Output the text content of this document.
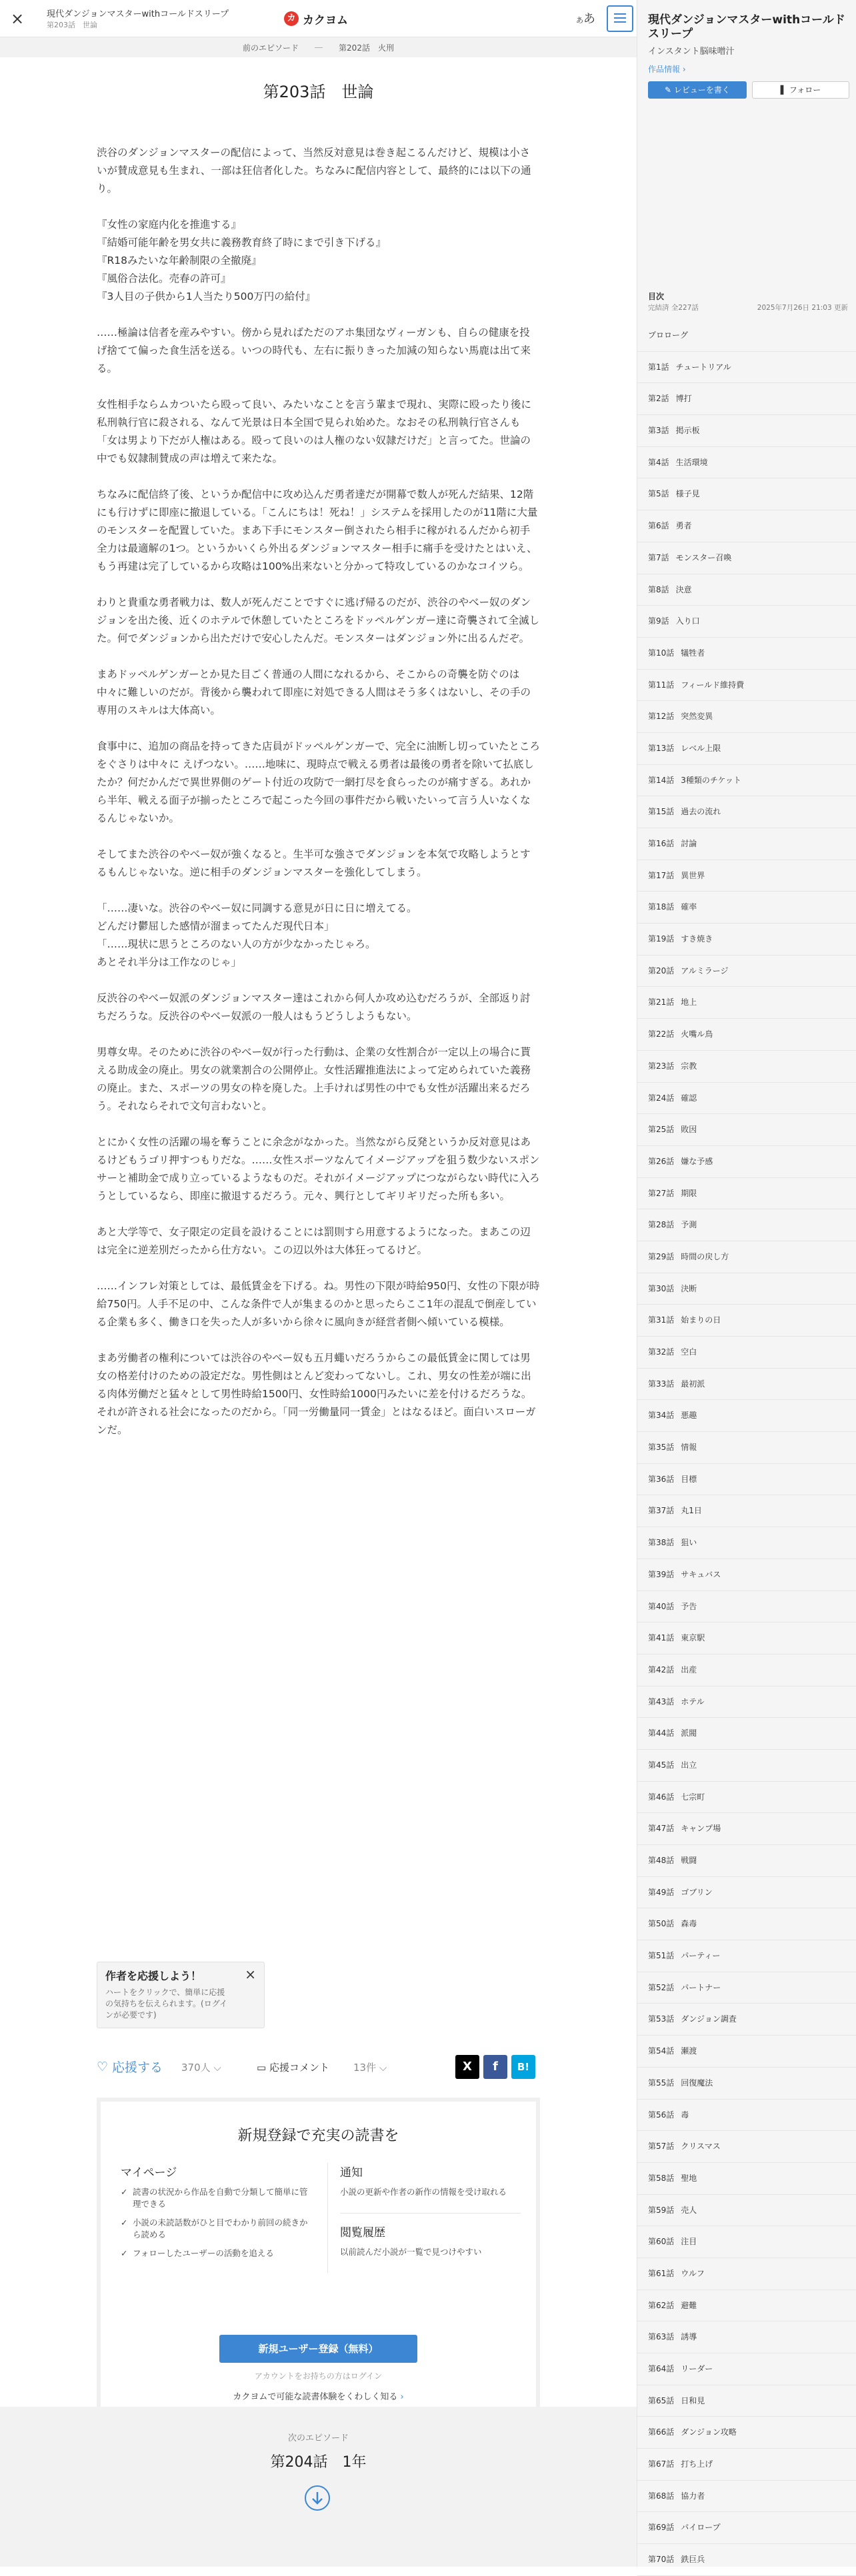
×	現代ダンジョンマスターwithコールドスリープ
第203話　世論
カ カクヨム	ああ
前のエピソード ― 第202話　火刑
第203話　世論

渋谷のダンジョンマスターの配信によって、当然反対意見は巻き起こるんだけど、規模は小さいが賛成意見も生まれ、一部は狂信者化した。ちなみに配信内容として、最終的には以下の通り。

『女性の家庭内化を推進する』
『結婚可能年齢を男女共に義務教育終了時にまで引き下げる』
『R18みたいな年齢制限の全撤廃』
『風俗合法化。売春の許可』
『3人目の子供から1人当たり500万円の給付』

……極論は信者を産みやすい。傍から見ればただのアホ集団なヴィーガンも、自らの健康を投げ捨てて偏った食生活を送る。いつの時代も、左右に振りきった加減の知らない馬鹿は出て来る。

女性相手ならムカついたら殴って良い、みたいなことを言う輩まで現れ、実際に殴ったり後に私刑執行官に殺される、なんて光景は日本全国で見られ始めた。なおその私刑執行官さんも「女は男より下だが人権はある。殴って良いのは人権のない奴隷だけだ」と言ってた。世論の中でも奴隷制賛成の声は増えて来たな。

ちなみに配信終了後、というか配信中に攻め込んだ勇者達だが開幕で数人が死んだ結果、12階にも行けずに即座に撤退している。「こんにちは！死ね！」システムを採用したのが11階に大量のモンスターを配置していた。まあ下手にモンスター倒されたら相手に稼がれるんだから初手全力は最適解の1つ。というかいくら外出るダンジョンマスター相手に痛手を受けたとはいえ、もう再建は完了しているから攻略は100%出来ないと分かって特攻しているのかなコイツら。

わりと貴重な勇者戦力は、数人が死んだことですぐに逃げ帰るのだが、渋谷のやべー奴のダンジョンを出た後、近くのホテルで休憩していたところをドッペルゲンガー達に奇襲されて全滅した。何でダンジョンから出ただけで安心したんだ。モンスターはダンジョン外に出るんだぞ。

まあドッペルゲンガーとか見た目ごく普通の人間になれるから、そこからの奇襲を防ぐのは中々に難しいのだが。背後から襲われて即座に対処できる人間はそう多くはないし、その手の専用のスキルは大体高い。

食事中に、追加の商品を持ってきた店員がドッペルゲンガーで、完全に油断し切っていたところをぐさりは中々に えげつない。……地味に、現時点で戦える勇者は最後の勇者を除いて払底したか？何だかんだで異世界側のゲート付近の攻防で一網打尽を食らったのが痛すぎる。あれから半年、戦える面子が揃ったところで起こった今回の事件だから戦いたいって言う人いなくなるんじゃないか。

そしてまた渋谷のやべー奴が強くなると。生半可な強さでダンジョンを本気で攻略しようとするもんじゃないな。逆に相手のダンジョンマスターを強化してしまう。

「……凄いな。渋谷のやべー奴に同調する意見が日に日に増えてる。
どんだけ鬱屈した感情が溜まってたんだ現代日本」
「……現状に思うところのない人の方が少なかったじゃろ。
あとそれ半分は工作なのじゃ」

反渋谷のやべー奴派のダンジョンマスター達はこれから何人か攻め込むだろうが、全部返り討ちだろうな。反渋谷のやべー奴派の一般人はもうどうしようもない。

男尊女卑。そのために渋谷のやべー奴が行った行動は、企業の女性割合が一定以上の場合に貰える助成金の廃止。男女の就業割合の公開停止。女性活躍推進法によって定められていた義務の廃止。また、スポーツの男女の枠を廃した。上手ければ男性の中でも女性が活躍出来るだろう。それならそれで文句言わないと。

とにかく女性の活躍の場を奪うことに余念がなかった。当然ながら反発というか反対意見はあるけどもうゴリ押すつもりだな。……女性スポーツなんてイメージアップを狙う数少ないスポンサーと補助金で成り立っているようなものだ。それがイメージアップにつながらない時代に入ろうとしているなら、即座に撤退するだろう。元々、興行としてギリギリだった所も多い。

あと大学等で、女子限定の定員を設けることには罰則すら用意するようになった。まあこの辺は完全に逆差別だったから仕方ない。この辺以外は大体狂ってるけど。

……インフレ対策としては、最低賃金を下げる。ね。男性の下限が時給950円、女性の下限が時給750円。人手不足の中、こんな条件で人が集まるのかと思ったらここ1年の混乱で倒産している企業も多く、働き口を失った人が多いから徐々に風向きが経営者側へ傾いている模様。

まあ労働者の権利については渋谷のやべー奴も五月蠅いだろうからこの最低賃金に関しては男女の格差付けのための設定だな。男性側はとんど変わってないし。これ、男女の性差が端に出る肉体労働だと猛々として男性時給1500円、女性時給1000円みたいに差を付けるだろうな。それが許される社会になったのだから。「同一労働量同一賃金」とはなるほど。面白いスローガンだ。

作者を応援しよう！
ハートをクリックで、簡単に応援の気持ちを伝えられます。(ログインが必要です)
×
♡ 応援する 370人 ⌵	▭ 応援コメント 13件 ⌵	X	f	B!
新規登録で充実の読書を
マイページ
✓ 読書の状況から作品を自動で分類して簡単に管理できる
✓ 小説の未読話数がひと目でわかり前回の続きから読める
✓ フォローしたユーザーの活動を追える
通知
小説の更新や作者の新作の情報を受け取れる
閲覧履歴
以前読んだ小説が一覧で見つけやすい
新規ユーザー登録（無料）
アカウントをお持ちの方はログイン
カクヨムで可能な読書体験をくわしく知る ›
次のエピソード
第204話　1年
現代ダンジョンマスターwithコールドスリープ
インスタント脳味噌汁
作品情報 ›
✎ レビューを書く	▌ フォロー
目次
完結済 全227話	2025年7月26日 21:03 更新
プロローグ
第1話 チュートリアル
第2話 博打
第3話 掲示板
第4話 生活環境
第5話 様子見
第6話 勇者
第7話 モンスター召喚
第8話 決意
第9話 入り口
第10話 犠牲者
第11話 フィールド維持費
第12話 突然変異
第13話 レベル上限
第14話 3種類のチケット
第15話 過去の流れ
第16話 討論
第17話 異世界
第18話 確率
第19話 すき焼き
第20話 アルミラージ
第21話 地上
第22話 火嘴ル鳥
第23話 宗教
第24話 確認
第25話 敗因
第26話 嫌な予感
第27話 期限
第28話 予測
第29話 時間の戻し方
第30話 決断
第31話 始まりの日
第32話 空白
第33話 最初派
第34話 悪趣
第35話 情報
第36話 目標
第37話 丸1日
第38話 狙い
第39話 サキュバス
第40話 予告
第41話 東京駅
第42話 出産
第43話 ホテル
第44話 派閥
第45話 出立
第46話 七宗町
第47話 キャンプ場
第48話 戦闘
第49話 ゴブリン
第50話 森毒
第51話 パーティー
第52話 パートナー
第53話 ダンジョン調査
第54話 瀬渡
第55話 回復魔法
第56話 毒
第57話 クリスマス
第58話 聖地
第59話 売人
第60話 注目
第61話 ウルフ
第62話 避難
第63話 誘導
第64話 リーダー
第65話 日和見
第66話 ダンジョン攻略
第67話 打ち上げ
第68話 協力者
第69話 パイロープ
第70話 鉄巨兵
